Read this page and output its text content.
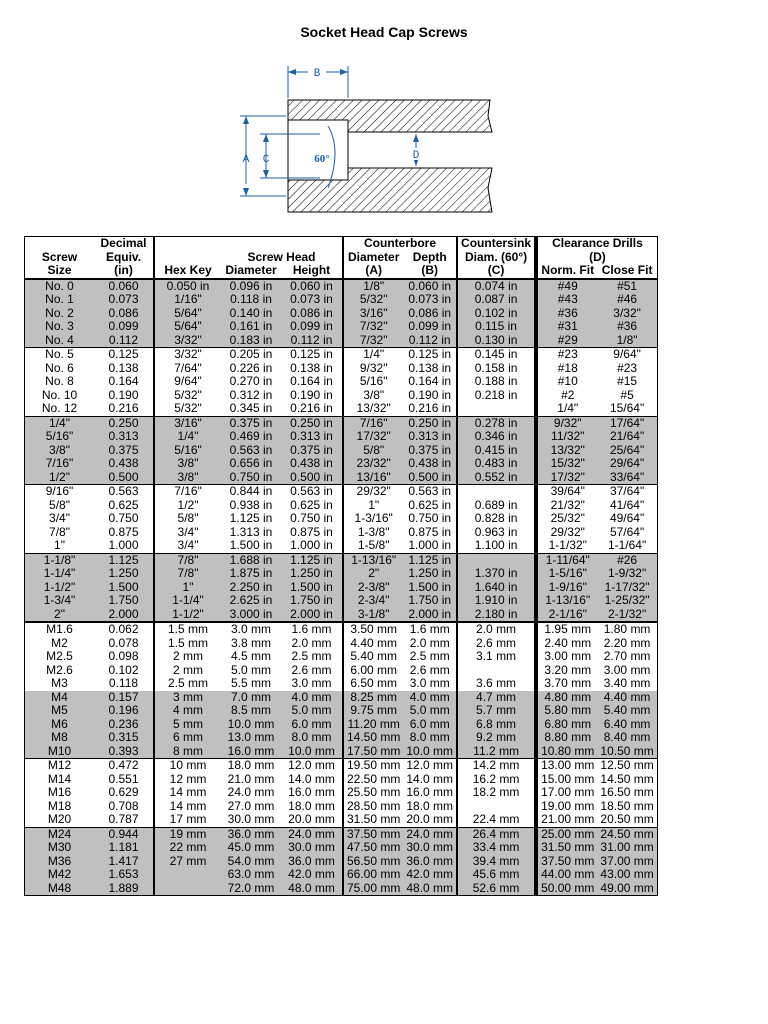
Socket Head Cap Screws
B
A C	60°	D
	Decimal				Counterbore		Countersink	Clearance Drills	
Screw	Equiv.		Screw Head		Diameter	Depth	Diam. (60°)	(D)	
Size	(in)	Hex Key	Diameter	Height	(A)	(B)	(C)	Norm. Fit	Close Fit
No. 0	0.060	0.050 in	0.096 in	0.060 in	1/8"	0.060 in	0.074 in	#49	#51
No. 1	0.073	1/16"	0.118 in	0.073 in	5/32"	0.073 in	0.087 in	#43	#46
No. 2	0.086	5/64"	0.140 in	0.086 in	3/16"	0.086 in	0.102 in	#36	3/32"
No. 3	0.099	5/64"	0.161 in	0.099 in	7/32"	0.099 in	0.115 in	#31	#36
No. 4	0.112	3/32"	0.183 in	0.112 in	7/32"	0.112 in	0.130 in	#29	1/8"
No. 5	0.125	3/32"	0.205 in	0.125 in	1/4"	0.125 in	0.145 in	#23	9/64"
No. 6	0.138	7/64"	0.226 in	0.138 in	9/32"	0.138 in	0.158 in	#18	#23
No. 8	0.164	9/64"	0.270 in	0.164 in	5/16"	0.164 in	0.188 in	#10	#15
No. 10	0.190	5/32"	0.312 in	0.190 in	3/8"	0.190 in	0.218 in	#2	#5
No. 12	0.216	5/32"	0.345 in	0.216 in	13/32"	0.216 in		1/4"	15/64"
1/4"	0.250	3/16"	0.375 in	0.250 in	7/16"	0.250 in	0.278 in	9/32"	17/64"
5/16"	0.313	1/4"	0.469 in	0.313 in	17/32"	0.313 in	0.346 in	11/32"	21/64"
3/8"	0.375	5/16"	0.563 in	0.375 in	5/8"	0.375 in	0.415 in	13/32"	25/64"
7/16"	0.438	3/8"	0.656 in	0.438 in	23/32"	0.438 in	0.483 in	15/32"	29/64"
1/2"	0.500	3/8"	0.750 in	0.500 in	13/16"	0.500 in	0.552 in	17/32"	33/64"
9/16"	0.563	7/16"	0.844 in	0.563 in	29/32"	0.563 in		39/64"	37/64"
5/8"	0.625	1/2"	0.938 in	0.625 in	1"	0.625 in	0.689 in	21/32"	41/64"
3/4"	0.750	5/8"	1.125 in	0.750 in	1-3/16"	0.750 in	0.828 in	25/32"	49/64"
7/8"	0.875	3/4"	1.313 in	0.875 in	1-3/8"	0.875 in	0.963 in	29/32"	57/64"
1"	1.000	3/4"	1.500 in	1.000 in	1-5/8"	1.000 in	1.100 in	1-1/32"	1-1/64"
1-1/8"	1.125	7/8"	1.688 in	1.125 in	1-13/16"	1.125 in		1-11/64"	#26
1-1/4"	1.250	7/8"	1.875 in	1.250 in	2"	1.250 in	1.370 in	1-5/16"	1-9/32"
1-1/2"	1.500	1"	2.250 in	1.500 in	2-3/8"	1.500 in	1.640 in	1-9/16"	1-17/32"
1-3/4"	1.750	1-1/4"	2.625 in	1.750 in	2-3/4"	1.750 in	1.910 in	1-13/16"	1-25/32"
2"	2.000	1-1/2"	3.000 in	2.000 in	3-1/8"	2.000 in	2.180 in	2-1/16"	2-1/32"
M1.6	0.062	1.5 mm	3.0 mm	1.6 mm	3.50 mm	1.6 mm	2.0 mm	1.95 mm	1.80 mm
M2	0.078	1.5 mm	3.8 mm	2.0 mm	4.40 mm	2.0 mm	2.6 mm	2.40 mm	2.20 mm
M2.5	0.098	2 mm	4.5 mm	2.5 mm	5.40 mm	2.5 mm	3.1 mm	3.00 mm	2.70 mm
M2.6	0.102	2 mm	5.0 mm	2.6 mm	6.00 mm	2.6 mm		3.20 mm	3.00 mm
M3	0.118	2.5 mm	5.5 mm	3.0 mm	6.50 mm	3.0 mm	3.6 mm	3.70 mm	3.40 mm
M4	0.157	3 mm	7.0 mm	4.0 mm	8.25 mm	4.0 mm	4.7 mm	4.80 mm	4.40 mm
M5	0.196	4 mm	8.5 mm	5.0 mm	9.75 mm	5.0 mm	5.7 mm	5.80 mm	5.40 mm
M6	0.236	5 mm	10.0 mm	6.0 mm	11.20 mm	6.0 mm	6.8 mm	6.80 mm	6.40 mm
M8	0.315	6 mm	13.0 mm	8.0 mm	14.50 mm	8.0 mm	9.2 mm	8.80 mm	8.40 mm
M10	0.393	8 mm	16.0 mm	10.0 mm	17.50 mm	10.0 mm	11.2 mm	10.80 mm	10.50 mm
M12	0.472	10 mm	18.0 mm	12.0 mm	19.50 mm	12.0 mm	14.2 mm	13.00 mm	12.50 mm
M14	0.551	12 mm	21.0 mm	14.0 mm	22.50 mm	14.0 mm	16.2 mm	15.00 mm	14.50 mm
M16	0.629	14 mm	24.0 mm	16.0 mm	25.50 mm	16.0 mm	18.2 mm	17.00 mm	16.50 mm
M18	0.708	14 mm	27.0 mm	18.0 mm	28.50 mm	18.0 mm		19.00 mm	18.50 mm
M20	0.787	17 mm	30.0 mm	20.0 mm	31.50 mm	20.0 mm	22.4 mm	21.00 mm	20.50 mm
M24	0.944	19 mm	36.0 mm	24.0 mm	37.50 mm	24.0 mm	26.4 mm	25.00 mm	24.50 mm
M30	1.181	22 mm	45.0 mm	30.0 mm	47.50 mm	30.0 mm	33.4 mm	31.50 mm	31.00 mm
M36	1.417	27 mm	54.0 mm	36.0 mm	56.50 mm	36.0 mm	39.4 mm	37.50 mm	37.00 mm
M42	1.653		63.0 mm	42.0 mm	66.00 mm	42.0 mm	45.6 mm	44.00 mm	43.00 mm
M48	1.889		72.0 mm	48.0 mm	75.00 mm	48.0 mm	52.6 mm	50.00 mm	49.00 mm
